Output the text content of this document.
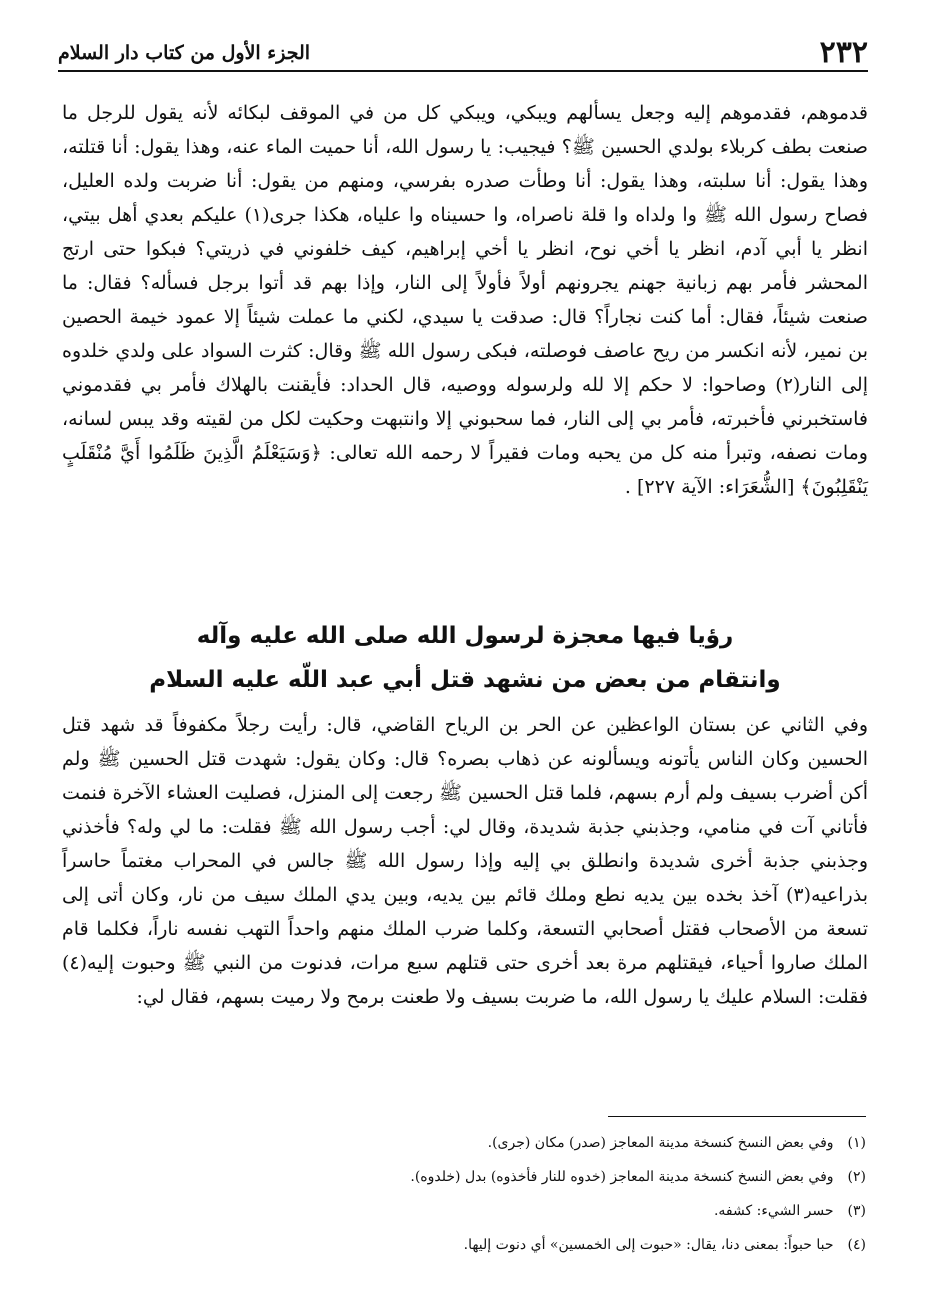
٢٣٢
الجزء الأول من كتاب دار السلام
قدموهم، فقدموهم إليه وجعل يسألهم ويبكي، ويبكي كل من في الموقف لبكائه لأنه يقول للرجل ما صنعت بطف كربلاء بولدي الحسين ﷺ؟ فيجيب: يا رسول الله، أنا حميت الماء عنه، وهذا يقول: أنا قتلته، وهذا يقول: أنا سلبته، وهذا يقول: أنا وطأت صدره بفرسي، ومنهم من يقول: أنا ضربت ولده العليل، فصاح رسول الله ﷺ وا ولداه وا قلة ناصراه، وا حسيناه وا علياه، هكذا جرى(١) عليكم بعدي أهل بيتي، انظر يا أبي آدم، انظر يا أخي نوح، انظر يا أخي إبراهيم، كيف خلفوني في ذريتي؟ فبكوا حتى ارتج المحشر فأمر بهم زبانية جهنم يجرونهم أولاً فأولاً إلى النار، وإذا بهم قد أتوا برجل فسأله؟ فقال: ما صنعت شيئاً، فقال: أما كنت نجاراً؟ قال: صدقت يا سيدي، لكني ما عملت شيئاً إلا عمود خيمة الحصين بن نمير، لأنه انكسر من ريح عاصف فوصلته، فبكى رسول الله ﷺ وقال: كثرت السواد على ولدي خلدوه إلى النار(٢) وصاحوا: لا حكم إلا لله ولرسوله ووصيه، قال الحداد: فأيقنت بالهلاك فأمر بي فقدموني فاستخبرني فأخبرته، فأمر بي إلى النار، فما سحبوني إلا وانتبهت وحكيت لكل من لقيته وقد يبس لسانه، ومات نصفه، وتبرأ منه كل من يحبه ومات فقيراً لا رحمه الله تعالى: ﴿وَسَيَعْلَمُ الَّذِينَ ظَلَمُوا أَيَّ مُنْقَلَبٍ يَنْقَلِبُونَ﴾ [الشُّعَرَاء: الآية ٢٢٧] .
رؤيا فيها معجزة لرسول الله صلى الله عليه وآله
وانتقام من بعض من نشهد قتل أبي عبد اللّه عليه السلام
وفي الثاني عن بستان الواعظين عن الحر بن الرياح القاضي، قال: رأيت رجلاً مكفوفاً قد شهد قتل الحسين وكان الناس يأتونه ويسألونه عن ذهاب بصره؟ قال: وكان يقول: شهدت قتل الحسين ﷺ ولم أكن أضرب بسيف ولم أرم بسهم، فلما قتل الحسين ﷺ رجعت إلى المنزل، فصليت العشاء الآخرة فنمت فأتاني آت في منامي، وجذبني جذبة شديدة، وقال لي: أجب رسول الله ﷺ فقلت: ما لي وله؟ فأخذني وجذبني جذبة أخرى شديدة وانطلق بي إليه وإذا رسول الله ﷺ جالس في المحراب مغتماً حاسراً بذراعيه(٣) آخذ بخده بين يديه نطع وملك قائم بين يديه، وبين يدي الملك سيف من نار، وكان أتى إلى تسعة من الأصحاب فقتل أصحابي التسعة، وكلما ضرب الملك منهم واحداً التهب نفسه ناراً، فكلما قام الملك صاروا أحياء، فيقتلهم مرة بعد أخرى حتى قتلهم سبع مرات، فدنوت من النبي ﷺ وحبوت إليه(٤) فقلت: السلام عليك يا رسول الله، ما ضربت بسيف ولا طعنت برمح ولا رميت بسهم، فقال لي:
(١)وفي بعض النسخ كنسخة مدينة المعاجز (صدر) مكان (جرى).
(٢)وفي بعض النسخ كنسخة مدينة المعاجز (خدوه للنار فأخذوه) بدل (خلدوه).
(٣)حسر الشيء: كشفه.
(٤)حبا حبواً: بمعنى دنا، يقال: «حبوت إلى الخمسين» أي دنوت إليها.
